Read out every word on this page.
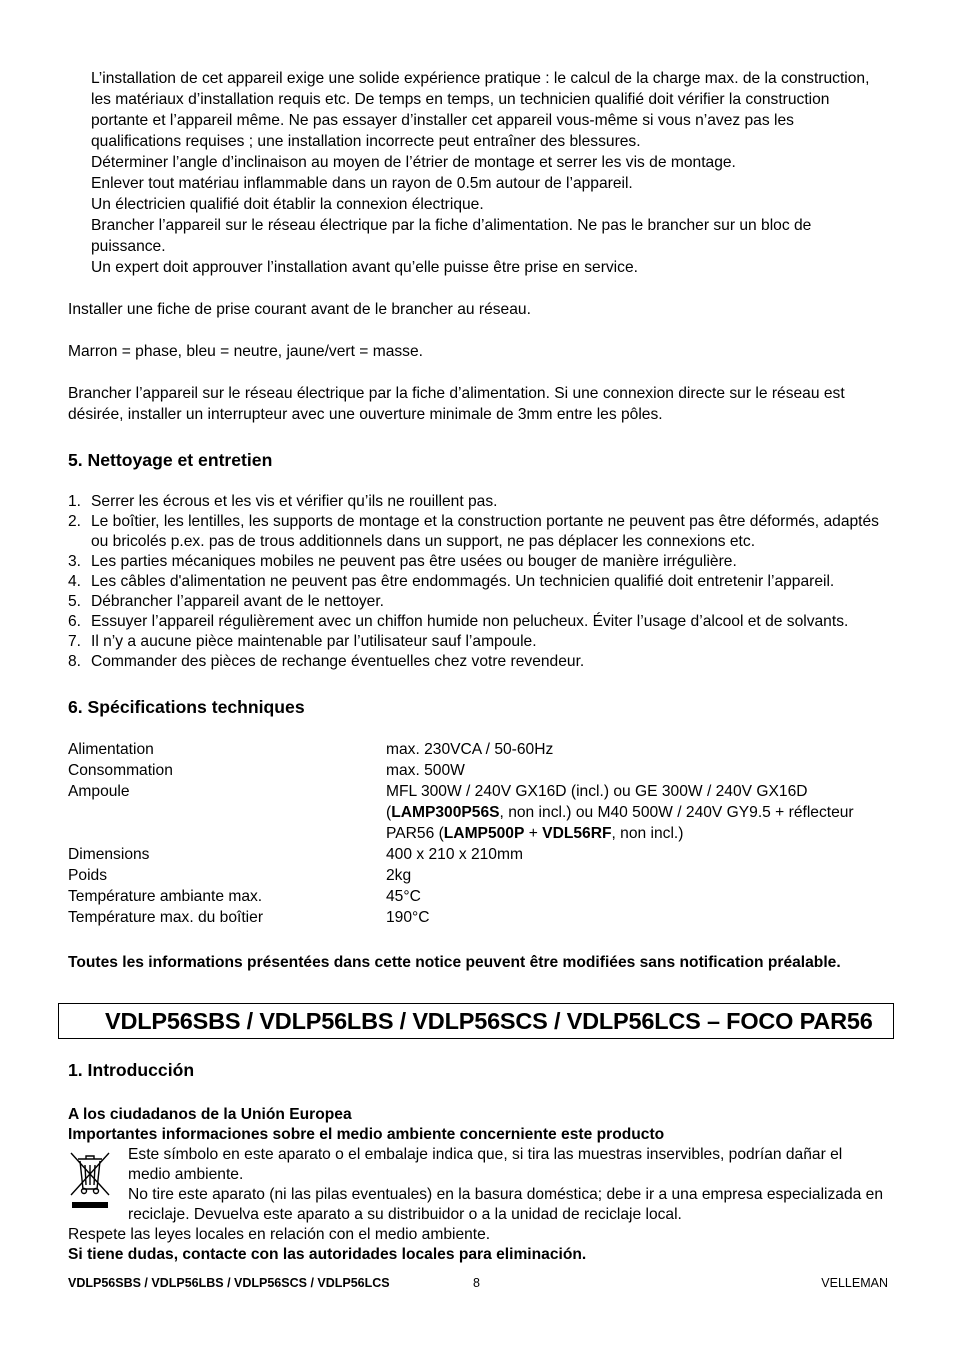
L’installation de cet appareil exige une solide expérience pratique : le calcul de la charge max. de la construction, les matériaux d’installation requis etc. De temps en temps, un technicien qualifié doit vérifier la construction portante et l’appareil même. Ne pas essayer d’installer cet appareil vous-même si vous n’avez pas les qualifications requises ; une installation incorrecte peut entraîner des blessures.
Déterminer l’angle d’inclinaison au moyen de l’étrier de montage et serrer les vis de montage.
Enlever tout matériau inflammable dans un rayon de 0.5m autour de l’appareil.
Un électricien qualifié doit établir la connexion électrique.
Brancher l’appareil sur le réseau électrique par la fiche d’alimentation. Ne pas le brancher sur un bloc de puissance.
Un expert doit approuver l’installation avant qu’elle puisse être prise en service.

Installer une fiche de prise courant avant de le brancher au réseau.

Marron = phase, bleu = neutre, jaune/vert = masse.

Brancher l’appareil sur le réseau électrique par la fiche d’alimentation. Si une connexion directe sur le réseau est désirée, installer un interrupteur avec une ouverture minimale de 3mm entre les pôles.

5. Nettoyage et entretien
1. Serrer les écrous et les vis et vérifier qu’ils ne rouillent pas.
2. Le boîtier, les lentilles, les supports de montage et la construction portante ne peuvent pas être déformés, adaptés ou bricolés p.ex. pas de trous additionnels dans un support, ne pas déplacer les connexions etc.
3. Les parties mécaniques mobiles ne peuvent pas être usées ou bouger de manière irrégulière.
4. Les câbles d'alimentation ne peuvent pas être endommagés. Un technicien qualifié doit entretenir l’appareil.
5. Débrancher l’appareil avant de le nettoyer.
6. Essuyer l’appareil régulièrement avec un chiffon humide non pelucheux. Éviter l’usage d’alcool et de solvants.
7. Il n’y a aucune pièce maintenable par l’utilisateur sauf l’ampoule.
8. Commander des pièces de rechange éventuelles chez votre revendeur.
6. Spécifications techniques
Alimentation	max. 230VCA / 50-60Hz
Consommation	max. 500W
Ampoule	MFL 300W / 240V GX16D (incl.) ou GE 300W / 240V GX16D (LAMP300P56S, non incl.) ou M40 500W / 240V GY9.5 + réflecteur PAR56 (LAMP500P + VDL56RF, non incl.)
Dimensions	400 x 210 x 210mm
Poids	2kg
Température ambiante max.	45°C
Température max. du boîtier	190°C

Toutes les informations présentées dans cette notice peuvent être modifiées sans notification préalable.

VDLP56SBS / VDLP56LBS / VDLP56SCS / VDLP56LCS – FOCO PAR56
1. Introducción
A los ciudadanos de la Unión Europea
Importantes informaciones sobre el medio ambiente concerniente este producto
Este símbolo en este aparato o el embalaje indica que, si tira las muestras inservibles, podrían dañar el medio ambiente.
No tire este aparato (ni las pilas eventuales) en la basura doméstica; debe ir a una empresa especializada en reciclaje. Devuelva este aparato a su distribuidor o a la unidad de reciclaje local.
Respete las leyes locales en relación con el medio ambiente.
Si tiene dudas, contacte con las autoridades locales para eliminación.
VDLP56SBS / VDLP56LBS / VDLP56SCS / VDLP56LCS	8	VELLEMAN
